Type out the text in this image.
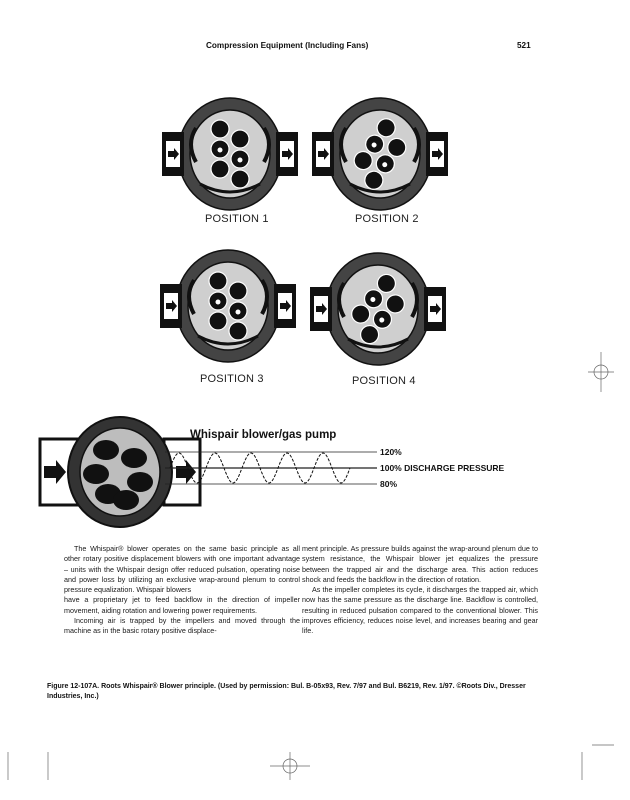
Compression Equipment (Including Fans)	521
POSITION 1	POSITION 2
POSITION 3	POSITION 4
Whispair blower/gas pump
120%
100% DISCHARGE PRESSURE
80%

The Whispair® blower operates on the same basic principle as all other rotary positive displacement blowers with one important advantage – units with the Whispair design offer reduced pulsation, operating noise and power loss by utilizing an exclusive wrap-around plenum to control pressure equalization. Whispair blowers

have a proprietary jet to feed backflow in the direction of impeller movement, aiding rotation and lowering power requirements.

Incoming air is trapped by the impellers and moved through the machine as in the basic rotary positive displace-

ment principle. As pressure builds against the wrap-around plenum due to system resistance, the Whispair blower jet equalizes the pressure between the trapped air and the discharge area. This action reduces shock and feeds the backflow in the direction of rotation.

As the impeller completes its cycle, it discharges the trapped air, which now has the same pressure as the discharge line. Backflow is controlled, resulting in reduced pulsation compared to the conventional blower. This improves efficiency, reduces noise level, and increases bearing and gear life.

Figure 12-107A. Roots Whispair® Blower principle. (Used by permission: Bul. B-05x93, Rev. 7/97 and Bul. B6219, Rev. 1/97. ©Roots Div., Dresser Industries, Inc.)
